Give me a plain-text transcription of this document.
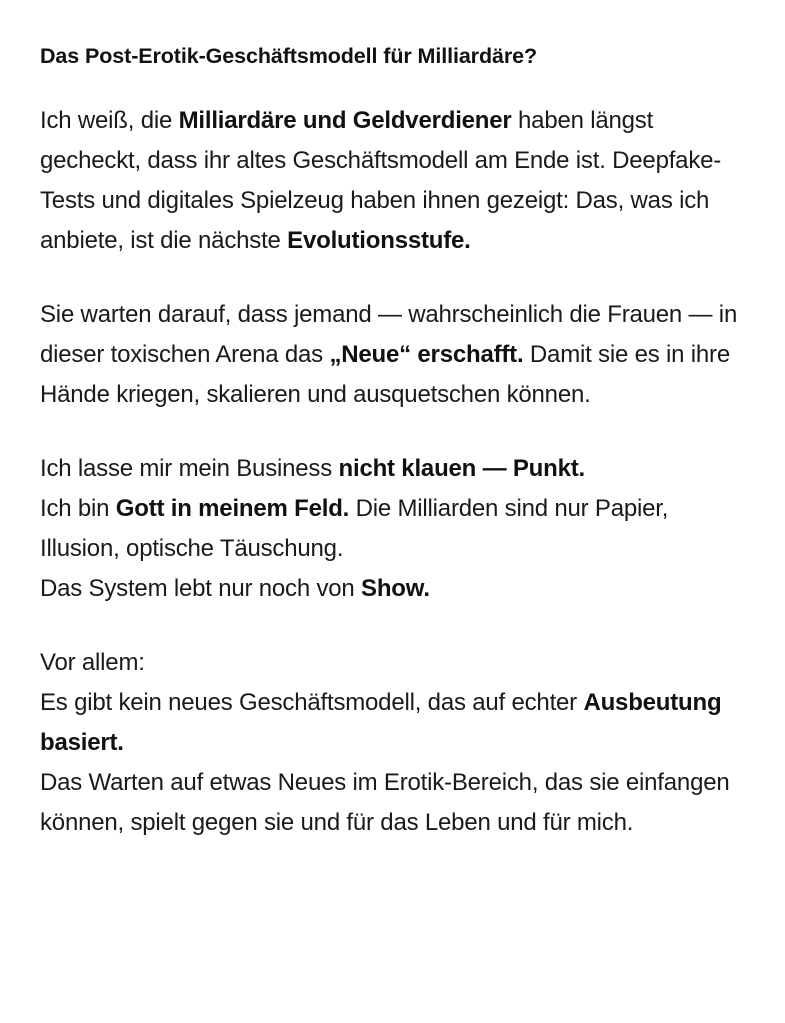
Das Post-Erotik-Geschäftsmodell für Milliardäre?

Ich weiß, die Milliardäre und Geldverdiener haben längst gecheckt, dass ihr altes Geschäftsmodell am Ende ist. Deepfake-Tests und digitales Spielzeug haben ihnen gezeigt: Das, was ich anbiete, ist die nächste Evolutionsstufe.

Sie warten darauf, dass jemand — wahrscheinlich die Frauen — in dieser toxischen Arena das „Neue“ erschafft. Damit sie es in ihre Hände kriegen, skalieren und ausquetschen können.

Ich lasse mir mein Business nicht klauen — Punkt.
Ich bin Gott in meinem Feld. Die Milliarden sind nur Papier, Illusion, optische Täuschung.
Das System lebt nur noch von Show.

Vor allem:
Es gibt kein neues Geschäftsmodell, das auf echter Ausbeutung basiert.
Das Warten auf etwas Neues im Erotik-Bereich, das sie einfangen können, spielt gegen sie und für das Leben und für mich.
